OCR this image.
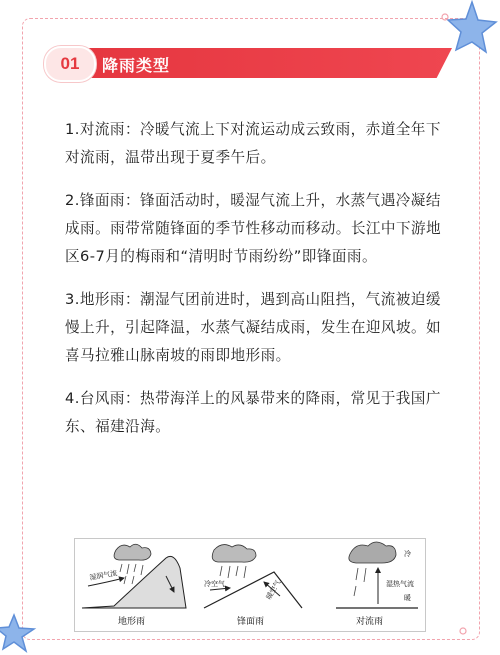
01	降雨类型

1.对流雨：冷暖气流上下对流运动成云致雨，赤道全年下对流雨，温带出现于夏季午后。

2.锋面雨：锋面活动时，暖湿气流上升，水蒸气遇冷凝结成雨。雨带常随锋面的季节性移动而移动。长江中下游地区6-7月的梅雨和“清明时节雨纷纷”即锋面雨。

3.地形雨：潮湿气团前进时，遇到高山阻挡，气流被迫缓慢上升，引起降温，水蒸气凝结成雨，发生在迎风坡。如喜马拉雅山脉南坡的雨即地形雨。

4.台风雨：热带海洋上的风暴带来的降雨，常见于我国广东、福建沿海。

湿润气流
地形雨
冷空气	暖空气
锋面雨
湿热气流
冷
暖
对流雨
